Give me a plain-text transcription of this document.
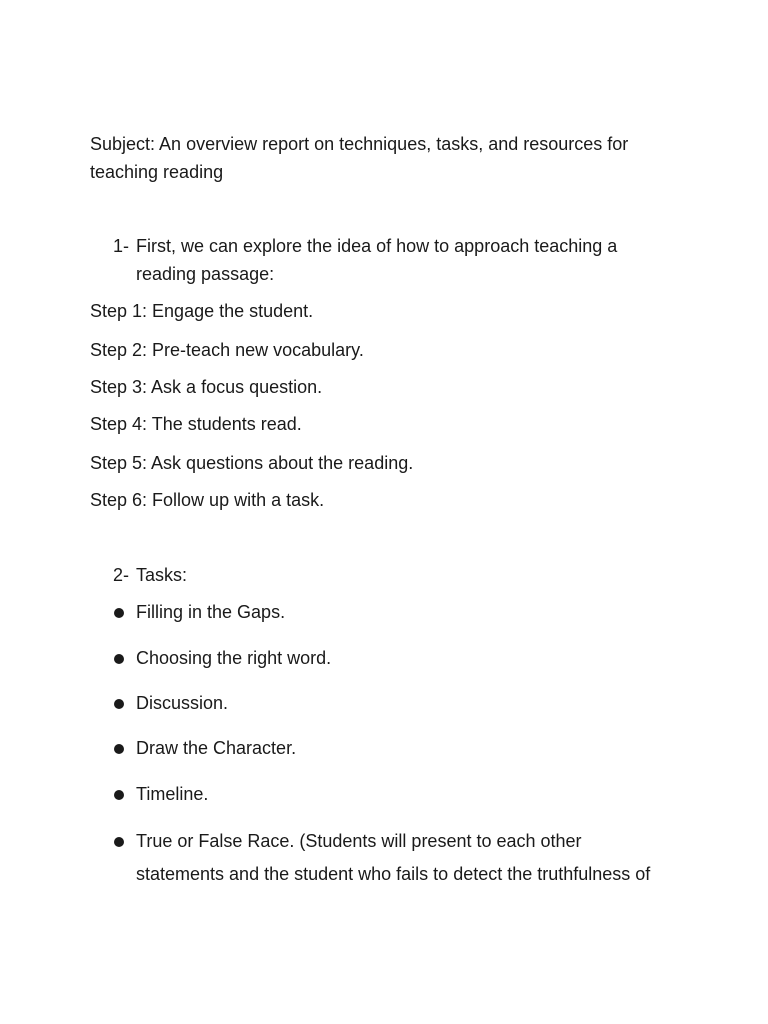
Subject: An overview report on techniques, tasks, and resources for
teaching reading
1- First, we can explore the idea of how to approach teaching a
reading passage:
Step 1: Engage the student.
Step 2: Pre-teach new vocabulary.
Step 3: Ask a focus question.
Step 4: The students read.
Step 5: Ask questions about the reading.
Step 6: Follow up with a task.
2- Tasks:
Filling in the Gaps.
Choosing the right word.
Discussion.
Draw the Character.
Timeline.
True or False Race. (Students will present to each other
statements and the student who fails to detect the truthfulness of
